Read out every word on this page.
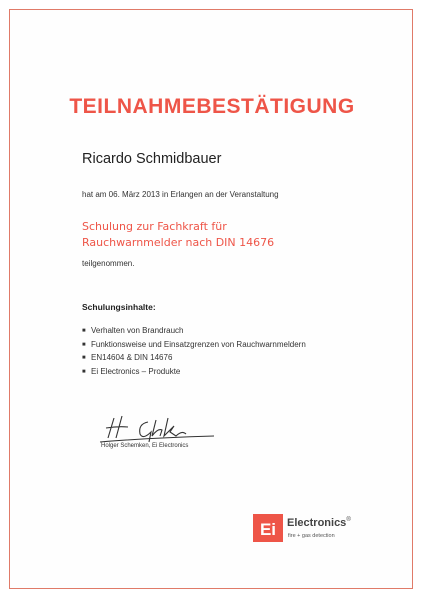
TEILNAHMEBESTÄTIGUNG
Ricardo Schmidbauer
hat am 06. März 2013 in Erlangen an der Veranstaltung
Schulung zur Fachkraft für
Rauchwarnmelder nach DIN 14676
teilgenommen.
Schulungsinhalte:
■ Verhalten von Brandrauch
■ Funktionsweise und Einsatzgrenzen von Rauchwarnmeldern
■ EN14604 & DIN 14676
■ Ei Electronics – Produkte
Holger Schemken, Ei Electronics
Ei Electronics®
fire + gas detection
